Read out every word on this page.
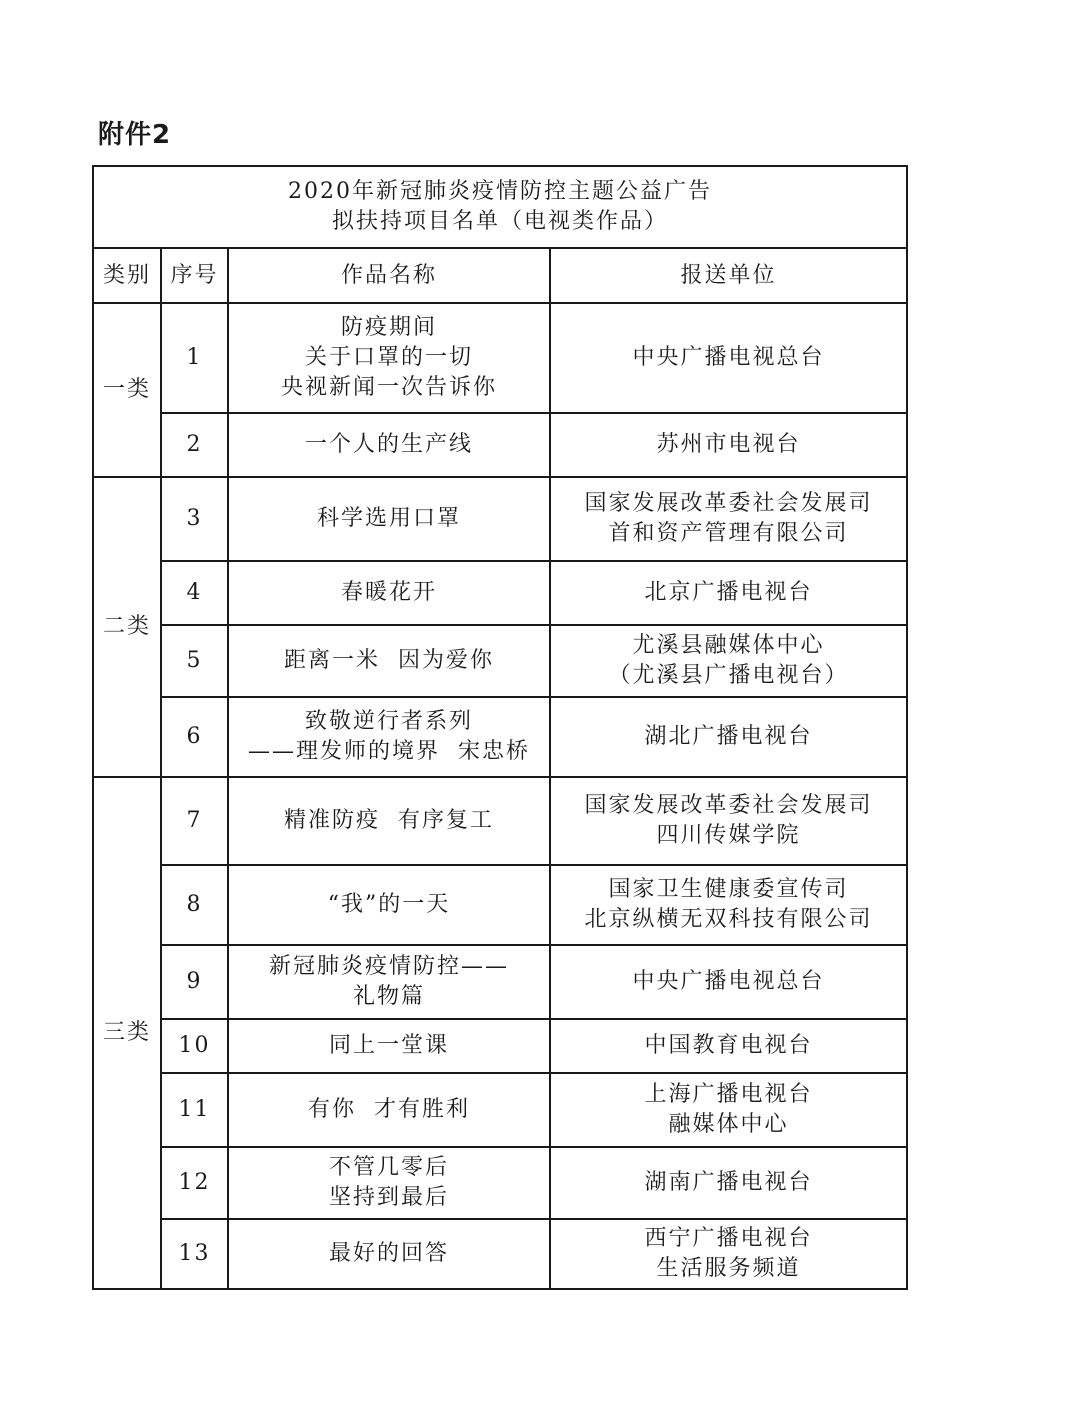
附件2
2020年新冠肺炎疫情防控主题公益广告
拟扶持项目名单（电视类作品）			

类别	序号	作品名称	报送单位
一类	1	防疫期间
关于口罩的一切
央视新闻一次告诉你	中央广播电视总台

	2	一个人的生产线	苏州市电视台

二类	3	科学选用口罩	国家发展改革委社会发展司
首和资产管理有限公司

	4	春暖花开	北京广播电视台

	5	距离一米  因为爱你	尤溪县融媒体中心
（尤溪县广播电视台）

	6	致敬逆行者系列
——理发师的境界  宋忠桥	湖北广播电视台

三类	7	精准防疫  有序复工	国家发展改革委社会发展司
四川传媒学院

	8	“我”的一天	国家卫生健康委宣传司
北京纵横无双科技有限公司

	9	新冠肺炎疫情防控——
礼物篇	中央广播电视总台

	10	同上一堂课	中国教育电视台

	11	有你  才有胜利	上海广播电视台
融媒体中心

	12	不管几零后
坚持到最后	湖南广播电视台

	13	最好的回答	西宁广播电视台
生活服务频道
